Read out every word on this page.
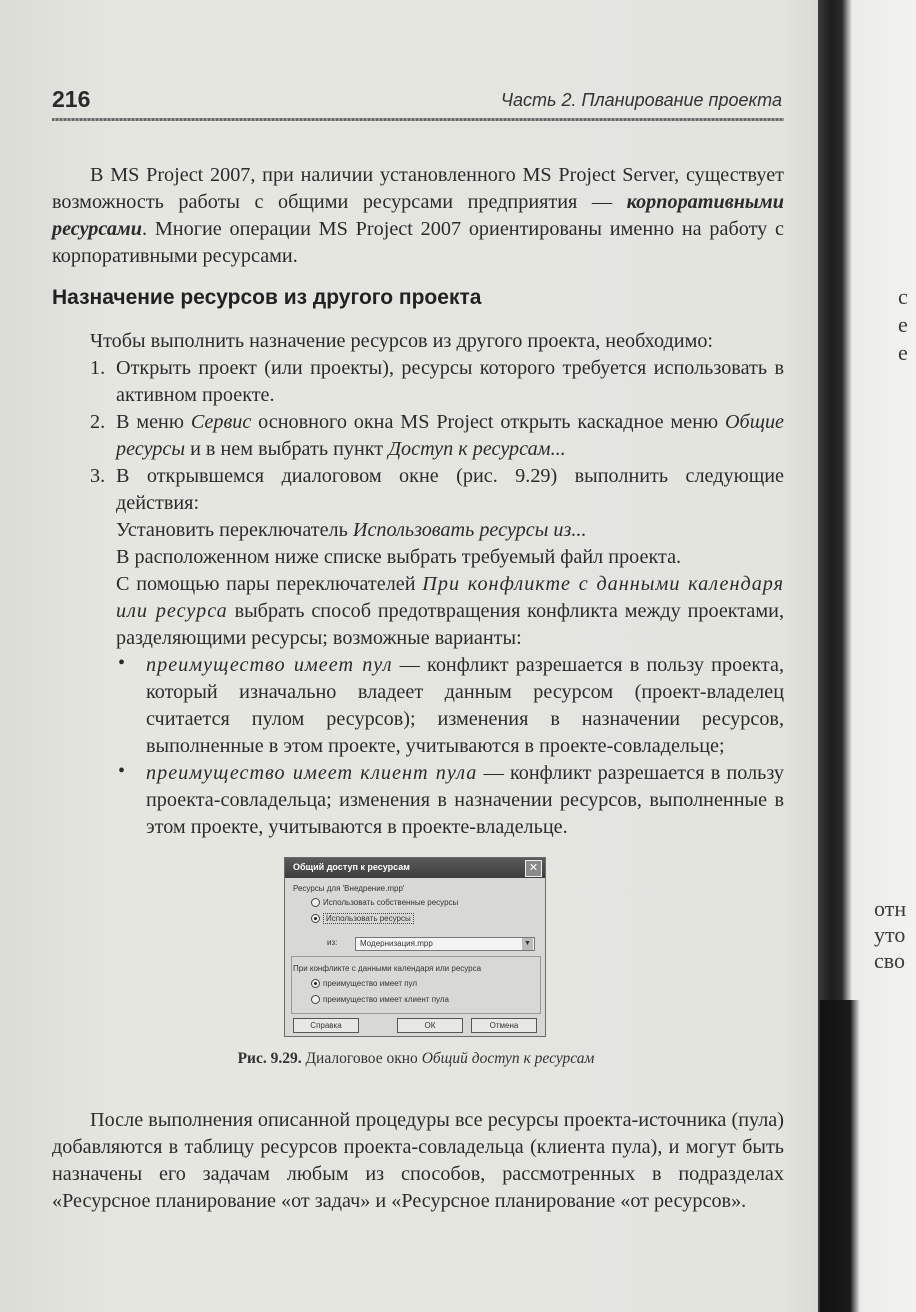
с
е
е
отн
уто
сво
216	Часть 2. Планирование проекта

В MS Project 2007, при наличии установленного MS Project Server, существует возможность работы с общими ресурсами предприятия — корпоративными ресурсами. Многие операции MS Project 2007 ориентированы именно на работу с корпоративными ресурсами.

Назначение ресурсов из другого проекта

Чтобы выполнить назначение ресурсов из другого проекта, необходимо:

1. Открыть проект (или проекты), ресурсы которого требуется использовать в активном проекте.
2. В меню Сервис основного окна MS Project открыть каскадное меню Общие ресурсы и в нем выбрать пункт Доступ к ресурсам...
3. В открывшемся диалоговом окне (рис. 9.29) выполнить следующие действия:

Установить переключатель Использовать ресурсы из...

В расположенном ниже списке выбрать требуемый файл проекта.

С помощью пары переключателей При конфликте с данными календаря или ресурса выбрать способ предотвращения конфликта между проектами, разделяющими ресурсы; возможные варианты:

• преимущество имеет пул — конфликт разрешается в пользу проекта, который изначально владеет данным ресурсом (проект-владелец считается пулом ресурсов); изменения в назначении ресурсов, выполненные в этом проекте, учитываются в проекте-совладельце;
• преимущество имеет клиент пула — конфликт разрешается в пользу проекта-совладельца; изменения в назначении ресурсов, выполненные в этом проекте, учитываются в проекте-владельце.
Общий доступ к ресурсам	✕
Ресурсы для 'Внедрение.mpp'
Использовать собственные ресурсы
Использовать ресурсы
из:	Модернизация.mpp	▼
При конфликте с данными календаря или ресурса
преимущество имеет пул
преимущество имеет клиент пула
Справка	ОК	Отмена
Рис. 9.29. Диалоговое окно Общий доступ к ресурсам

После выполнения описанной процедуры все ресурсы проекта-источника (пула) добавляются в таблицу ресурсов проекта-совладельца (клиента пула), и могут быть назначены его задачам любым из способов, рассмотренных в подразделах «Ресурсное планирование «от задач» и «Ресурсное планирование «от ресурсов».
